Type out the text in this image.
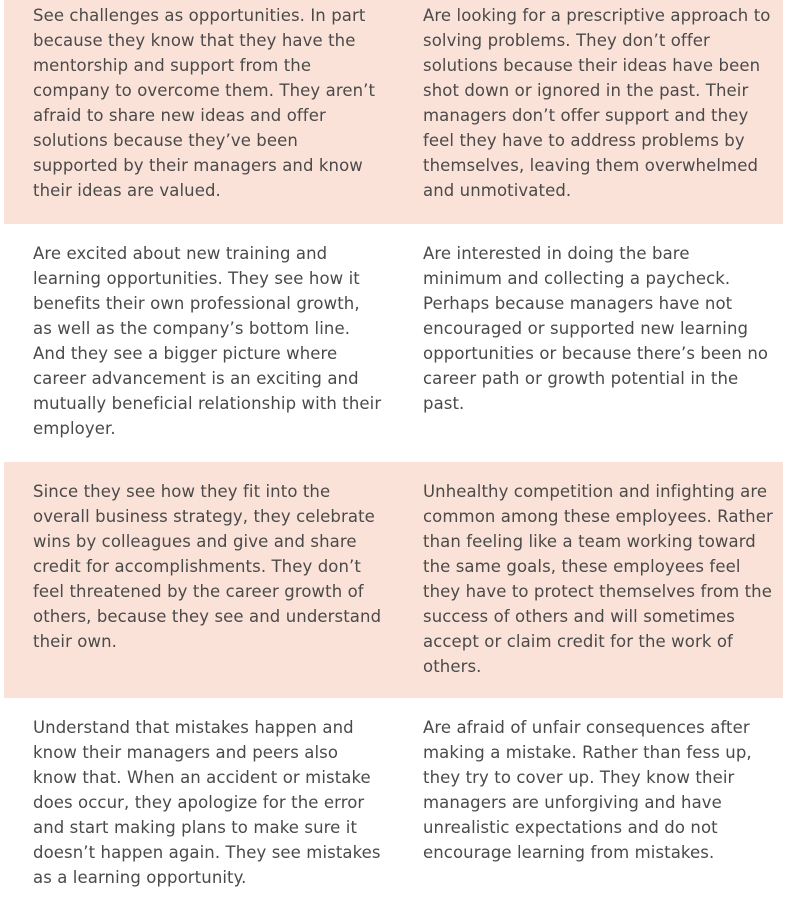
See challenges as opportunities. In part because they know that they have the mentorship and support from the company to overcome them. They aren’t afraid to share new ideas and offer solutions because they’ve been supported by their managers and know their ideas are valued.
Are looking for a prescriptive approach to solving problems. They don’t offer solutions because their ideas have been shot down or ignored in the past. Their managers don’t offer support and they feel they have to address problems by themselves, leaving them overwhelmed and unmotivated.
Are excited about new training and learning opportunities. They see how it benefits their own professional growth, as well as the company’s bottom line. And they see a bigger picture where career advancement is an exciting and mutually beneficial relationship with their employer.
Are interested in doing the bare minimum and collecting a paycheck. Perhaps because managers have not encouraged or supported new learning opportunities or because there’s been no career path or growth potential in the past.
Since they see how they fit into the overall business strategy, they celebrate wins by colleagues and give and share credit for accomplishments. They don’t feel threatened by the career growth of others, because they see and understand their own.
Unhealthy competition and infighting are common among these employees. Rather than feeling like a team working toward the same goals, these employees feel they have to protect themselves from the success of others and will sometimes accept or claim credit for the work of others.
Understand that mistakes happen and know their managers and peers also know that. When an accident or mistake does occur, they apologize for the error and start making plans to make sure it doesn’t happen again. They see mistakes as a learning opportunity.
Are afraid of unfair consequences after making a mistake. Rather than fess up, they try to cover up. They know their managers are unforgiving and have unrealistic expectations and do not encourage learning from mistakes.
